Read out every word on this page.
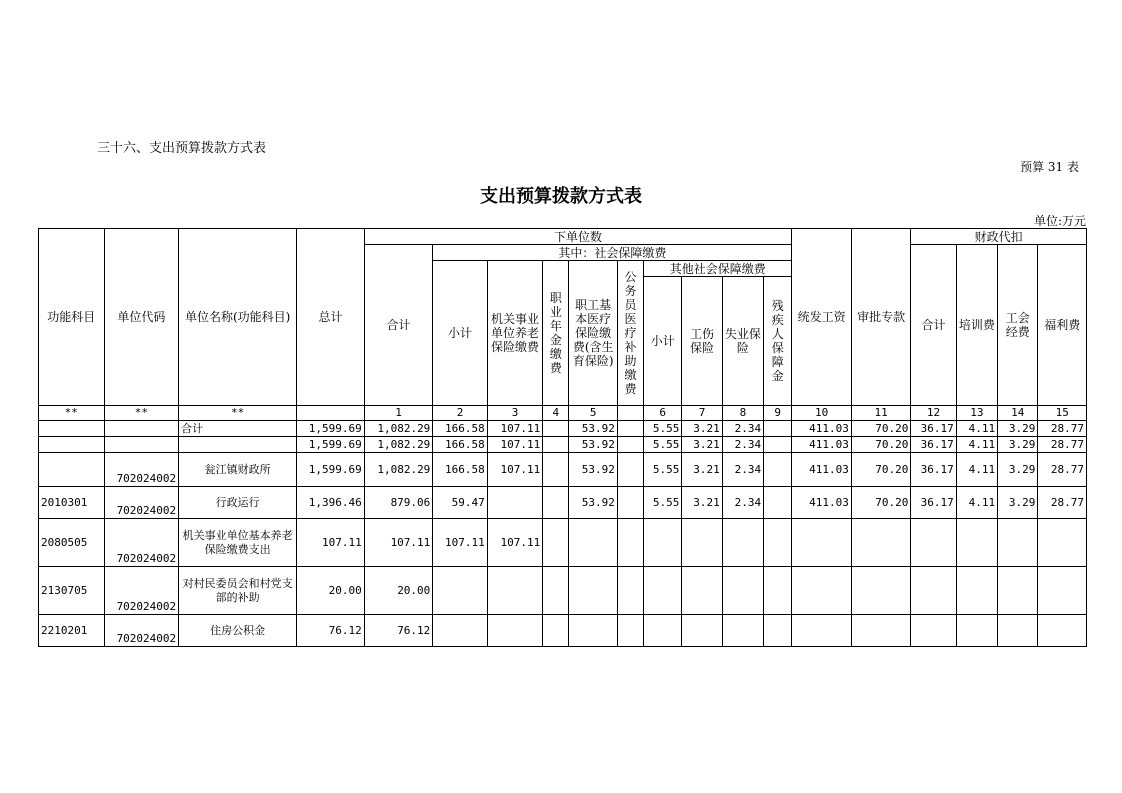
三十六、支出预算拨款方式表
预算 31 表
支出预算拨款方式表
单位:万元
功能科目	单位代码	单位名称(功能科目)	总计	下单位数										统发工资	审批专款	财政代扣			
				合计	其中：社会保障缴费											合计	培训费	工会经费	福利费
					小计	机关事业单位养老保险缴费	职业年金缴费	职工基本医疗保险缴费(含生育保险)	公务员医疗补助缴费	其他社会保障缴费									
										小计	工伤保险	失业保险	残疾人保障金						

**	**	**		1	2	3	4	5		6	7	8	9	10	11	12	13	14	15
		合计	1,599.69	1,082.29	166.58	107.11		53.92		5.55	3.21	2.34		411.03	70.20	36.17	4.11	3.29	28.77
			1,599.69	1,082.29	166.58	107.11		53.92		5.55	3.21	2.34		411.03	70.20	36.17	4.11	3.29	28.77
	702024002	瓮江镇财政所	1,599.69	1,082.29	166.58	107.11		53.92		5.55	3.21	2.34		411.03	70.20	36.17	4.11	3.29	28.77
2010301	702024002	行政运行	1,396.46	879.06	59.47			53.92		5.55	3.21	2.34		411.03	70.20	36.17	4.11	3.29	28.77
2080505	702024002	机关事业单位基本养老保险缴费支出	107.11	107.11	107.11	107.11													
2130705	702024002	对村民委员会和村党支部的补助	20.00	20.00															
2210201	702024002	住房公积金	76.12	76.12															
